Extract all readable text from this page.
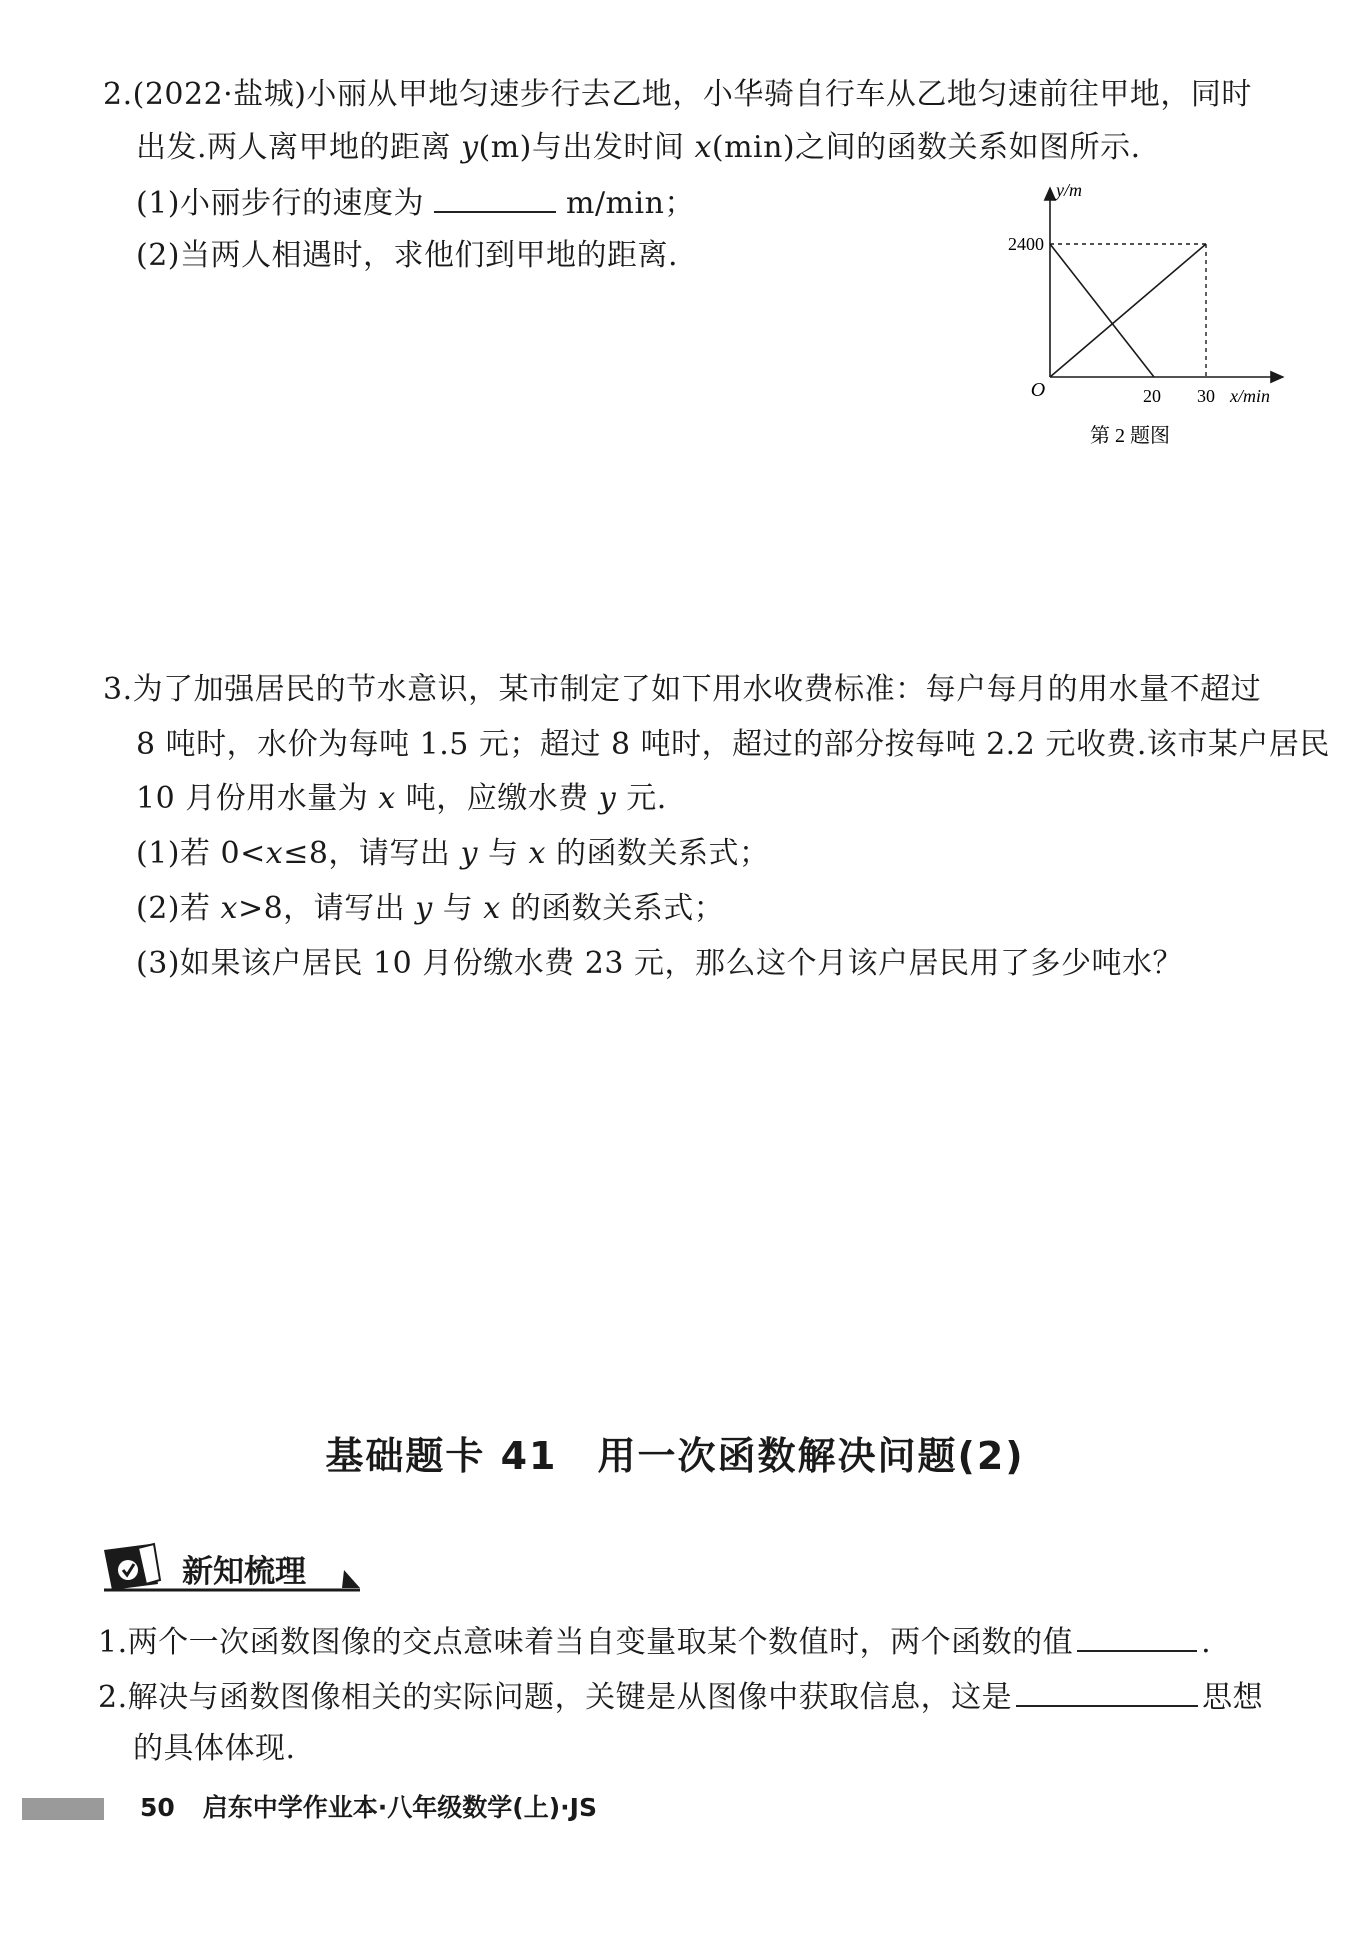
2.(2022·盐城)小丽从甲地匀速步行去乙地，小华骑自行车从乙地匀速前往甲地，同时
出发.两人离甲地的距离 y(m)与出发时间 x(min)之间的函数关系如图所示.
(1)小丽步行的速度为	m/min；
(2)当两人相遇时，求他们到甲地的距离.
y/m
x/min
O
2400
20 30
第 2 题图
3.为了加强居民的节水意识，某市制定了如下用水收费标准：每户每月的用水量不超过
8 吨时，水价为每吨 1.5 元；超过 8 吨时，超过的部分按每吨 2.2 元收费.该市某户居民
10 月份用水量为 x 吨，应缴水费 y 元.
(1)若 0<x≤8，请写出 y 与 x 的函数关系式；
(2)若 x>8，请写出 y 与 x 的函数关系式；
(3)如果该户居民 10 月份缴水费 23 元，那么这个月该户居民用了多少吨水？
基础题卡 41 用一次函数解决问题(2)
新知梳理
1.两个一次函数图像的交点意味着当自变量取某个数值时，两个函数的值	.
2.解决与函数图像相关的实际问题，关键是从图像中获取信息，这是	思想
的具体体现.
50 启东中学作业本·八年级数学(上)·JS
